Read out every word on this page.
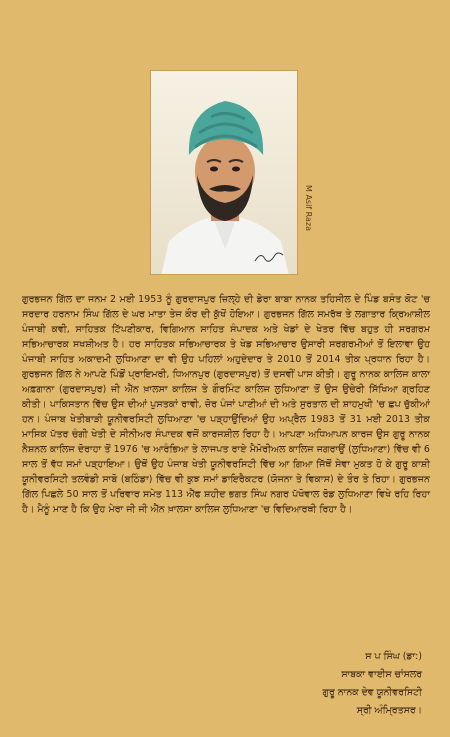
M Asif Raza
ਗੁਰਭਜਨ ਗਿੱਲ ਦਾ ਜਨਮ 2 ਮਈ 1953 ਨੂੰ ਗੁਰਦਾਸਪੁਰ ਜ਼ਿਲ੍ਹੇ ਦੀ ਡੇਰਾ ਬਾਬਾ ਨਾਨਕ ਤਹਿਸੀਲ ਦੇ ਪਿੰਡ ਬਸੰਤ ਕੋਟ 'ਚ ਸਰਦਾਰ ਹਰਨਾਮ ਸਿੰਘ ਗਿੱਲ ਦੇ ਘਰ ਮਾਤਾ ਤੇਜ ਕੌਰ ਦੀ ਕੁੱਖੋਂ ਹੋਇਆ। ਗੁਰਭਜਨ ਗਿੱਲ ਸਮਰੱਥ ਤੇ ਲਗਾਤਾਰ ਕ੍ਰਿਆਸ਼ੀਲ ਪੰਜਾਬੀ ਕਵੀ, ਸਾਹਿਤਕ ਟਿੱਪਣੀਕਾਰ, ਵਿਗਿਆਨ ਸਾਹਿਤ ਸੰਪਾਦਕ ਅਤੇ ਖੇਡਾਂ ਦੇ ਖੇਤਰ ਵਿੱਚ ਬਹੁਤ ਹੀ ਸਰਗਰਮ ਸਭਿਆਚਾਰਕ ਸਖਸ਼ੀਅਤ ਹੈ। ਹਰ ਸਾਹਿਤਕ ਸਭਿਆਚਾਰਕ ਤੇ ਖੇਡ ਸਭਿਆਚਾਰ ਉਸਾਰੀ ਸਰਗਰਮੀਆਂ ਤੋਂ ਇਲਾਵਾ ਉਹ ਪੰਜਾਬੀ ਸਾਹਿਤ ਅਕਾਦਮੀ ਲੁਧਿਆਣਾ ਦਾ ਵੀ ਉਹ ਪਹਿਲਾਂ ਅਹੁਦੇਦਾਰ ਤੇ 2010 ਤੋਂ 2014 ਤੀਕ ਪ੍ਰਧਾਨ ਰਿਹਾ ਹੈ। ਗੁਰਭਜਨ ਗਿੱਲ ਨੇ ਆਪਣੇ ਪਿੰਡੋਂ ਪ੍ਰਾਇਮਰੀ, ਧਿਆਨਪੁਰ (ਗੁਰਦਾਸਪੁਰ) ਤੋਂ ਦਸਵੀਂ ਪਾਸ ਕੀਤੀ। ਗੁਰੂ ਨਾਨਕ ਕਾਲਿਜ ਕਾਲਾ ਅਫ਼ਗਾਨਾ (ਗੁਰਦਾਸਪੁਰ) ਜੀ ਐੱਨ ਖ਼ਾਲਸਾ ਕਾਲਿਜ ਤੇ ਗੌਰਮਿੰਟ ਕਾਲਿਜ ਲੁਧਿਆਣਾ ਤੋਂ ਉਸ ਉਚੇਰੀ ਸਿੱਖਿਆ ਗ੍ਰਹਿਣ ਕੀਤੀ। ਪਾਕਿਸਤਾਨ ਵਿੱਚ ਉਸ ਦੀਆਂ ਪੁਸਤਕਾਂ ਰਾਵੀ, ਜ਼ੋਰ ਪੰਜਾਂ ਪਾਣੀਆਂ ਦੀ ਅਤੇ ਸੁਰਤਾਲ ਦੀ ਸ਼ਾਹਮੁਖੀ 'ਚ ਛਪ ਚੁੱਕੀਆਂ ਹਨ। ਪੰਜਾਬ ਖੇਤੀਬਾੜੀ ਯੂਨੀਵਰਸਿਟੀ ਲੁਧਿਆਣਾ 'ਚ ਪੜ੍ਹਾਉਂਦਿਆਂ ਉਹ ਅਪ੍ਰੈਲ 1983 ਤੋਂ 31 ਮਈ 2013 ਤੀਕ ਮਾਸਿਕ ਪੱਤਰ ਚੰਗੀ ਖੇਤੀ ਦੇ ਸੀਨੀਅਰ ਸੰਪਾਦਕ ਵਜੋਂ ਕਾਰਜਸ਼ੀਲ ਰਿਹਾ ਹੈ। ਆਪਣਾ ਅਧਿਆਪਨ ਕਾਰਜ ਉਸ ਗੁਰੂ ਨਾਨਕ ਨੈਸ਼ਨਲ ਕਾਲਿਜ ਦੋਰਾਹਾ ਤੋਂ 1976 'ਚ ਆਰੰਭਿਆ ਤੇ ਲਾਜਪਤ ਰਾਏ ਮੈਮੋਰੀਅਲ ਕਾਲਿਜ ਜਗਰਾਉਂ (ਲੁਧਿਆਣਾ) ਵਿੱਚ ਵੀ 6 ਸਾਲ ਤੋਂ ਵੱਧ ਸਮਾਂ ਪੜ੍ਹਾਇਆ। ਉਥੋਂ ਉਹ ਪੰਜਾਬ ਖੇਤੀ ਯੂਨੀਵਰਸਿਟੀ ਵਿੱਚ ਆ ਗਿਆ ਜਿੱਥੋਂ ਸੇਵਾ ਮੁਕਤ ਹੋ ਕੇ ਗੁਰੂ ਕਾਸ਼ੀ ਯੂਨੀਵਰਸਿਟੀ ਤਲਵੰਡੀ ਸਾਬੋ (ਬਠਿੰਡਾ) ਵਿੱਚ ਵੀ ਕੁਝ ਸਮਾਂ ਡਾਇਰੈਕਟਰ (ਯੋਜਨਾ ਤੇ ਵਿਕਾਸ) ਦੇ ਤੌਰ ਤੇ ਰਿਹਾ। ਗੁਰਭਜਨ ਗਿੱਲ ਪਿਛਲੇ 50 ਸਾਲ ਤੋਂ ਪਰਿਵਾਰ ਸਮੇਤ 113 ਐੱਫ ਸ਼ਹੀਦ ਭਗਤ ਸਿੰਘ ਨਗਰ ਪੱਖੋਵਾਲ ਰੋਡ ਲੁਧਿਆਣਾ ਵਿਖੇ ਰਹਿ ਰਿਹਾ ਹੈ। ਮੈਨੂੰ ਮਾਣ ਹੈ ਕਿ ਉਹ ਮੇਰਾ ਜੀ ਜੀ ਐੱਨ ਖ਼ਾਲਸਾ ਕਾਲਿਜ ਲੁਧਿਆਣਾ 'ਚ ਵਿਦਿਆਰਥੀ ਰਿਹਾ ਹੈ।
ਸ ਪ ਸਿੰਘ (ਡਾ:)
ਸਾਬਕਾ ਵਾਈਸ ਚਾਂਸਲਰ
ਗੁਰੂ ਨਾਨਕ ਦੇਵ ਯੂਨੀਵਰਸਿਟੀ
ਸ੍ਰੀ ਅੰਮ੍ਰਿਤਸਰ।
